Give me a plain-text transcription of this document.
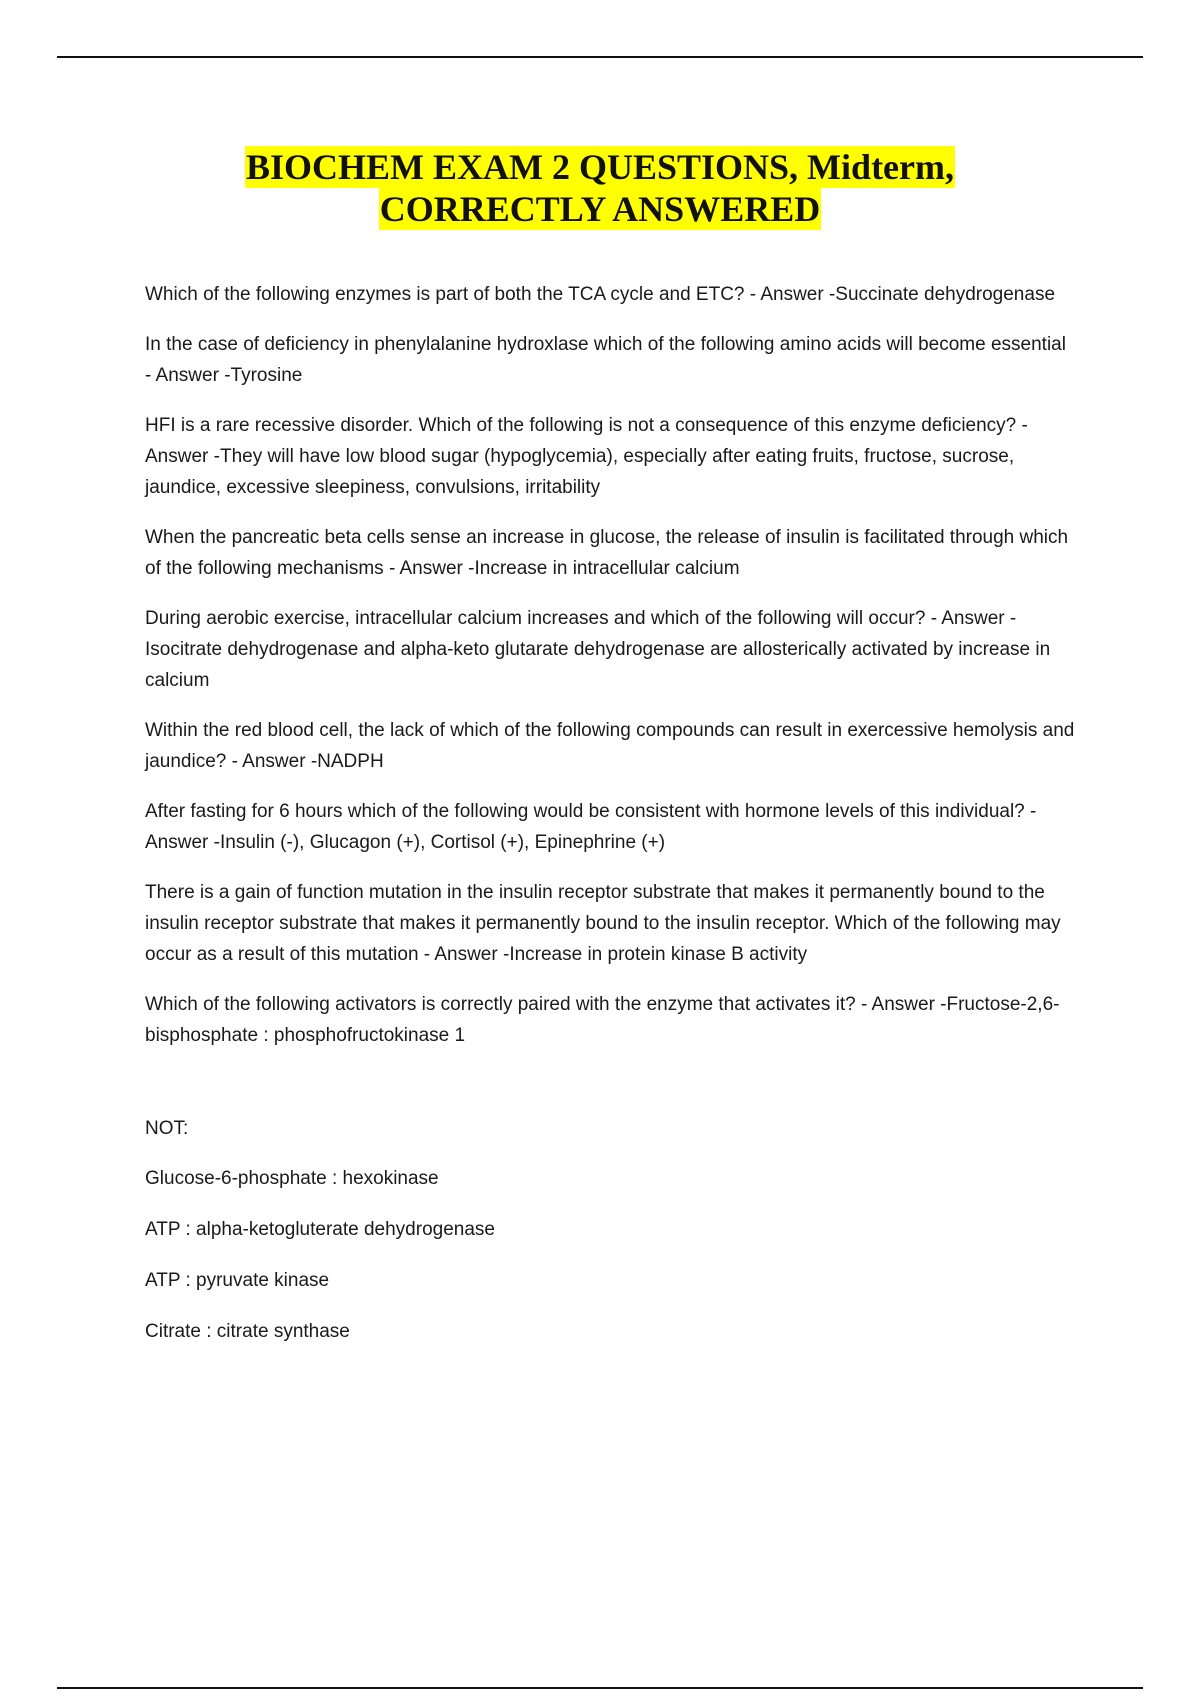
BIOCHEM EXAM 2 QUESTIONS, Midterm,
CORRECTLY ANSWERED

Which of the following enzymes is part of both the TCA cycle and ETC? - Answer -Succinate dehydrogenase

In the case of deficiency in phenylalanine hydroxlase which of the following amino acids will become essential - Answer -Tyrosine

HFI is a rare recessive disorder. Which of the following is not a consequence of this enzyme deficiency? - Answer -They will have low blood sugar (hypoglycemia), especially after eating fruits, fructose, sucrose, jaundice, excessive sleepiness, convulsions, irritability

When the pancreatic beta cells sense an increase in glucose, the release of insulin is facilitated through which of the following mechanisms - Answer -Increase in intracellular calcium

During aerobic exercise, intracellular calcium increases and which of the following will occur? - Answer -Isocitrate dehydrogenase and alpha-keto glutarate dehydrogenase are allosterically activated by increase in calcium

Within the red blood cell, the lack of which of the following compounds can result in exercessive hemolysis and jaundice? - Answer -NADPH

After fasting for 6 hours which of the following would be consistent with hormone levels of this individual? - Answer -Insulin (-), Glucagon (+), Cortisol (+), Epinephrine (+)

There is a gain of function mutation in the insulin receptor substrate that makes it permanently bound to the insulin receptor substrate that makes it permanently bound to the insulin receptor. Which of the following may occur as a result of this mutation - Answer -Increase in protein kinase B activity

Which of the following activators is correctly paired with the enzyme that activates it? - Answer -Fructose-2,6-bisphosphate : phosphofructokinase 1

NOT:

Glucose-6-phosphate : hexokinase

ATP : alpha-ketogluterate dehydrogenase

ATP : pyruvate kinase

Citrate : citrate synthase
